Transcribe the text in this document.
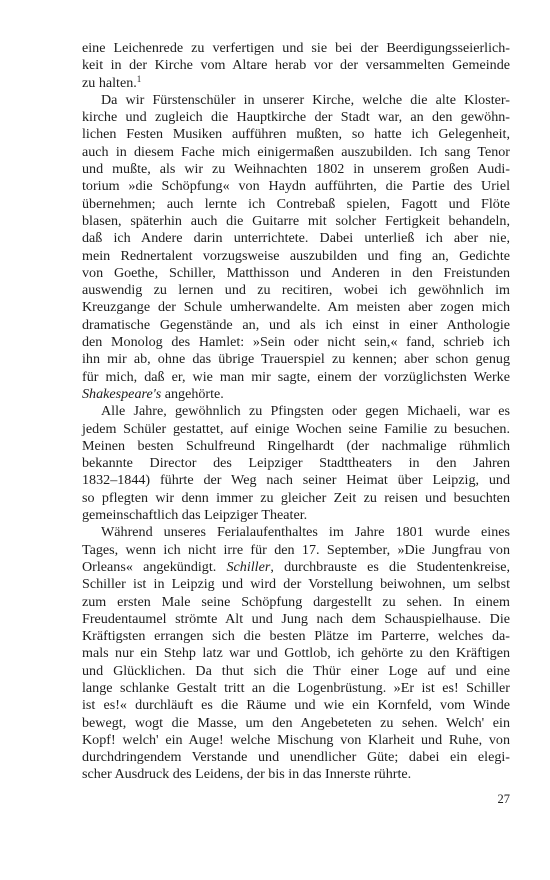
eine Leichenrede zu verfertigen und sie bei der Beerdigungsseierlich-
keit in der Kirche vom Altare herab vor der versammelten Gemeinde
zu halten.$^1$
Da wir Fürstenschüler in unserer Kirche, welche die alte Kloster-
kirche und zugleich die Hauptkirche der Stadt war, an den gewöhn-
lichen Festen Musiken aufführen mußten, so hatte ich Gelegenheit,
auch in diesem Fache mich einigermaßen auszubilden. Ich sang Tenor
und mußte, als wir zu Weihnachten 1802 in unserem großen Audi-
torium »die Schöpfung« von Haydn aufführten, die Partie des Uriel
übernehmen; auch lernte ich Contrebaß spielen, Fagott und Flöte
blasen, späterhin auch die Guitarre mit solcher Fertigkeit behandeln,
daß ich Andere darin unterrichtete. Dabei unterließ ich aber nie,
mein Rednertalent vorzugsweise auszubilden und fing an, Gedichte
von Goethe, Schiller, Matthisson und Anderen in den Freistunden
auswendig zu lernen und zu recitiren, wobei ich gewöhnlich im
Kreuzgange der Schule umherwandelte. Am meisten aber zogen mich
dramatische Gegenstände an, und als ich einst in einer Anthologie
den Monolog des Hamlet: »Sein oder nicht sein,« fand, schrieb ich
ihn mir ab, ohne das übrige Trauerspiel zu kennen; aber schon genug
für mich, daß er, wie man mir sagte, einem der vorzüglichsten Werke
Shakespeare's angehörte.
Alle Jahre, gewöhnlich zu Pfingsten oder gegen Michaeli, war es
jedem Schüler gestattet, auf einige Wochen seine Familie zu besuchen.
Meinen besten Schulfreund Ringelhardt (der nachmalige rühmlich
bekannte Director des Leipziger Stadttheaters in den Jahren
1832–1844) führte der Weg nach seiner Heimat über Leipzig, und
so pflegten wir denn immer zu gleicher Zeit zu reisen und besuchten
gemeinschaftlich das Leipziger Theater.
Während unseres Ferialaufenthaltes im Jahre 1801 wurde eines
Tages, wenn ich nicht irre für den 17. September, »Die Jungfrau von
Orleans« angekündigt. Schiller, durchbrauste es die Studentenkreise,
Schiller ist in Leipzig und wird der Vorstellung beiwohnen, um selbst
zum ersten Male seine Schöpfung dargestellt zu sehen. In einem
Freudentaumel strömte Alt und Jung nach dem Schauspielhause. Die
Kräftigsten errangen sich die besten Plätze im Parterre, welches da-
mals nur ein Stehp latz war und Gottlob, ich gehörte zu den Kräftigen
und Glücklichen. Da thut sich die Thür einer Loge auf und eine
lange schlanke Gestalt tritt an die Logenbrüstung. »Er ist es! Schiller
ist es!« durchläuft es die Räume und wie ein Kornfeld, vom Winde
bewegt, wogt die Masse, um den Angebeteten zu sehen. Welch' ein
Kopf! welch' ein Auge! welche Mischung von Klarheit und Ruhe, von
durchdringendem Verstande und unendlicher Güte; dabei ein elegi-
scher Ausdruck des Leidens, der bis in das Innerste rührte.
27
